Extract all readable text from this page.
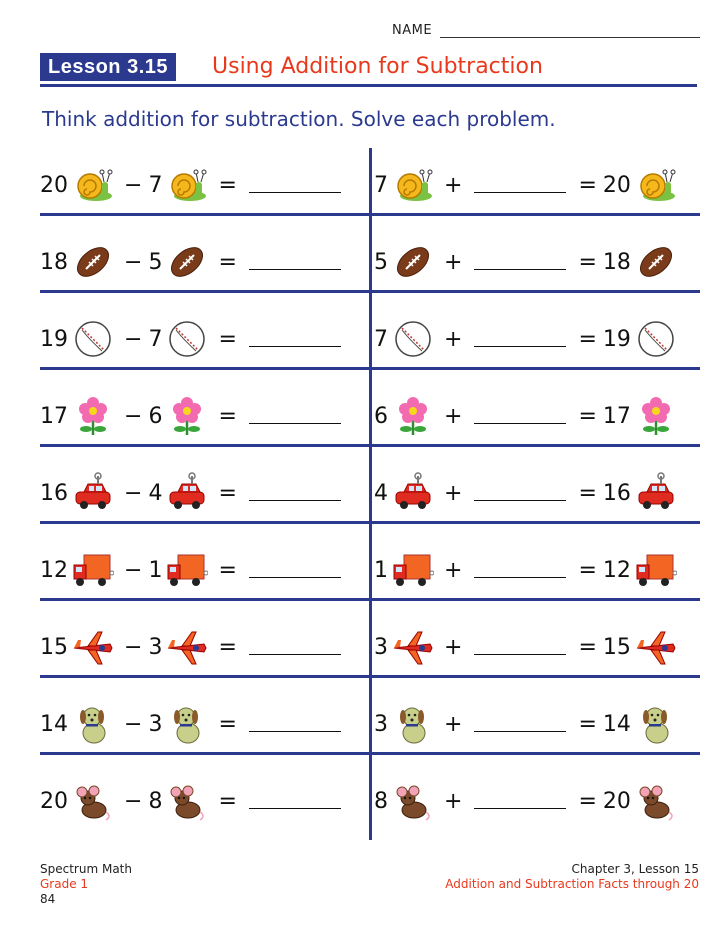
NAME
Lesson 3.15	Using Addition for Subtraction
Think addition for subtraction. Solve each problem.
20	− 7	=	7	+	= 20
18	− 5	=	5	+	= 18
19	− 7	=	7	+	= 19
17	− 6	=	6	+	= 17
16	− 4	=	4	+	= 16
12	− 1	=	1	+	= 12
15	− 3	=	3	+	= 15
14	− 3	=	3	+	= 14
20	− 8	=	8	+	= 20
Spectrum Math
Grade 1
84
Chapter 3, Lesson 15
Addition and Subtraction Facts through 20
